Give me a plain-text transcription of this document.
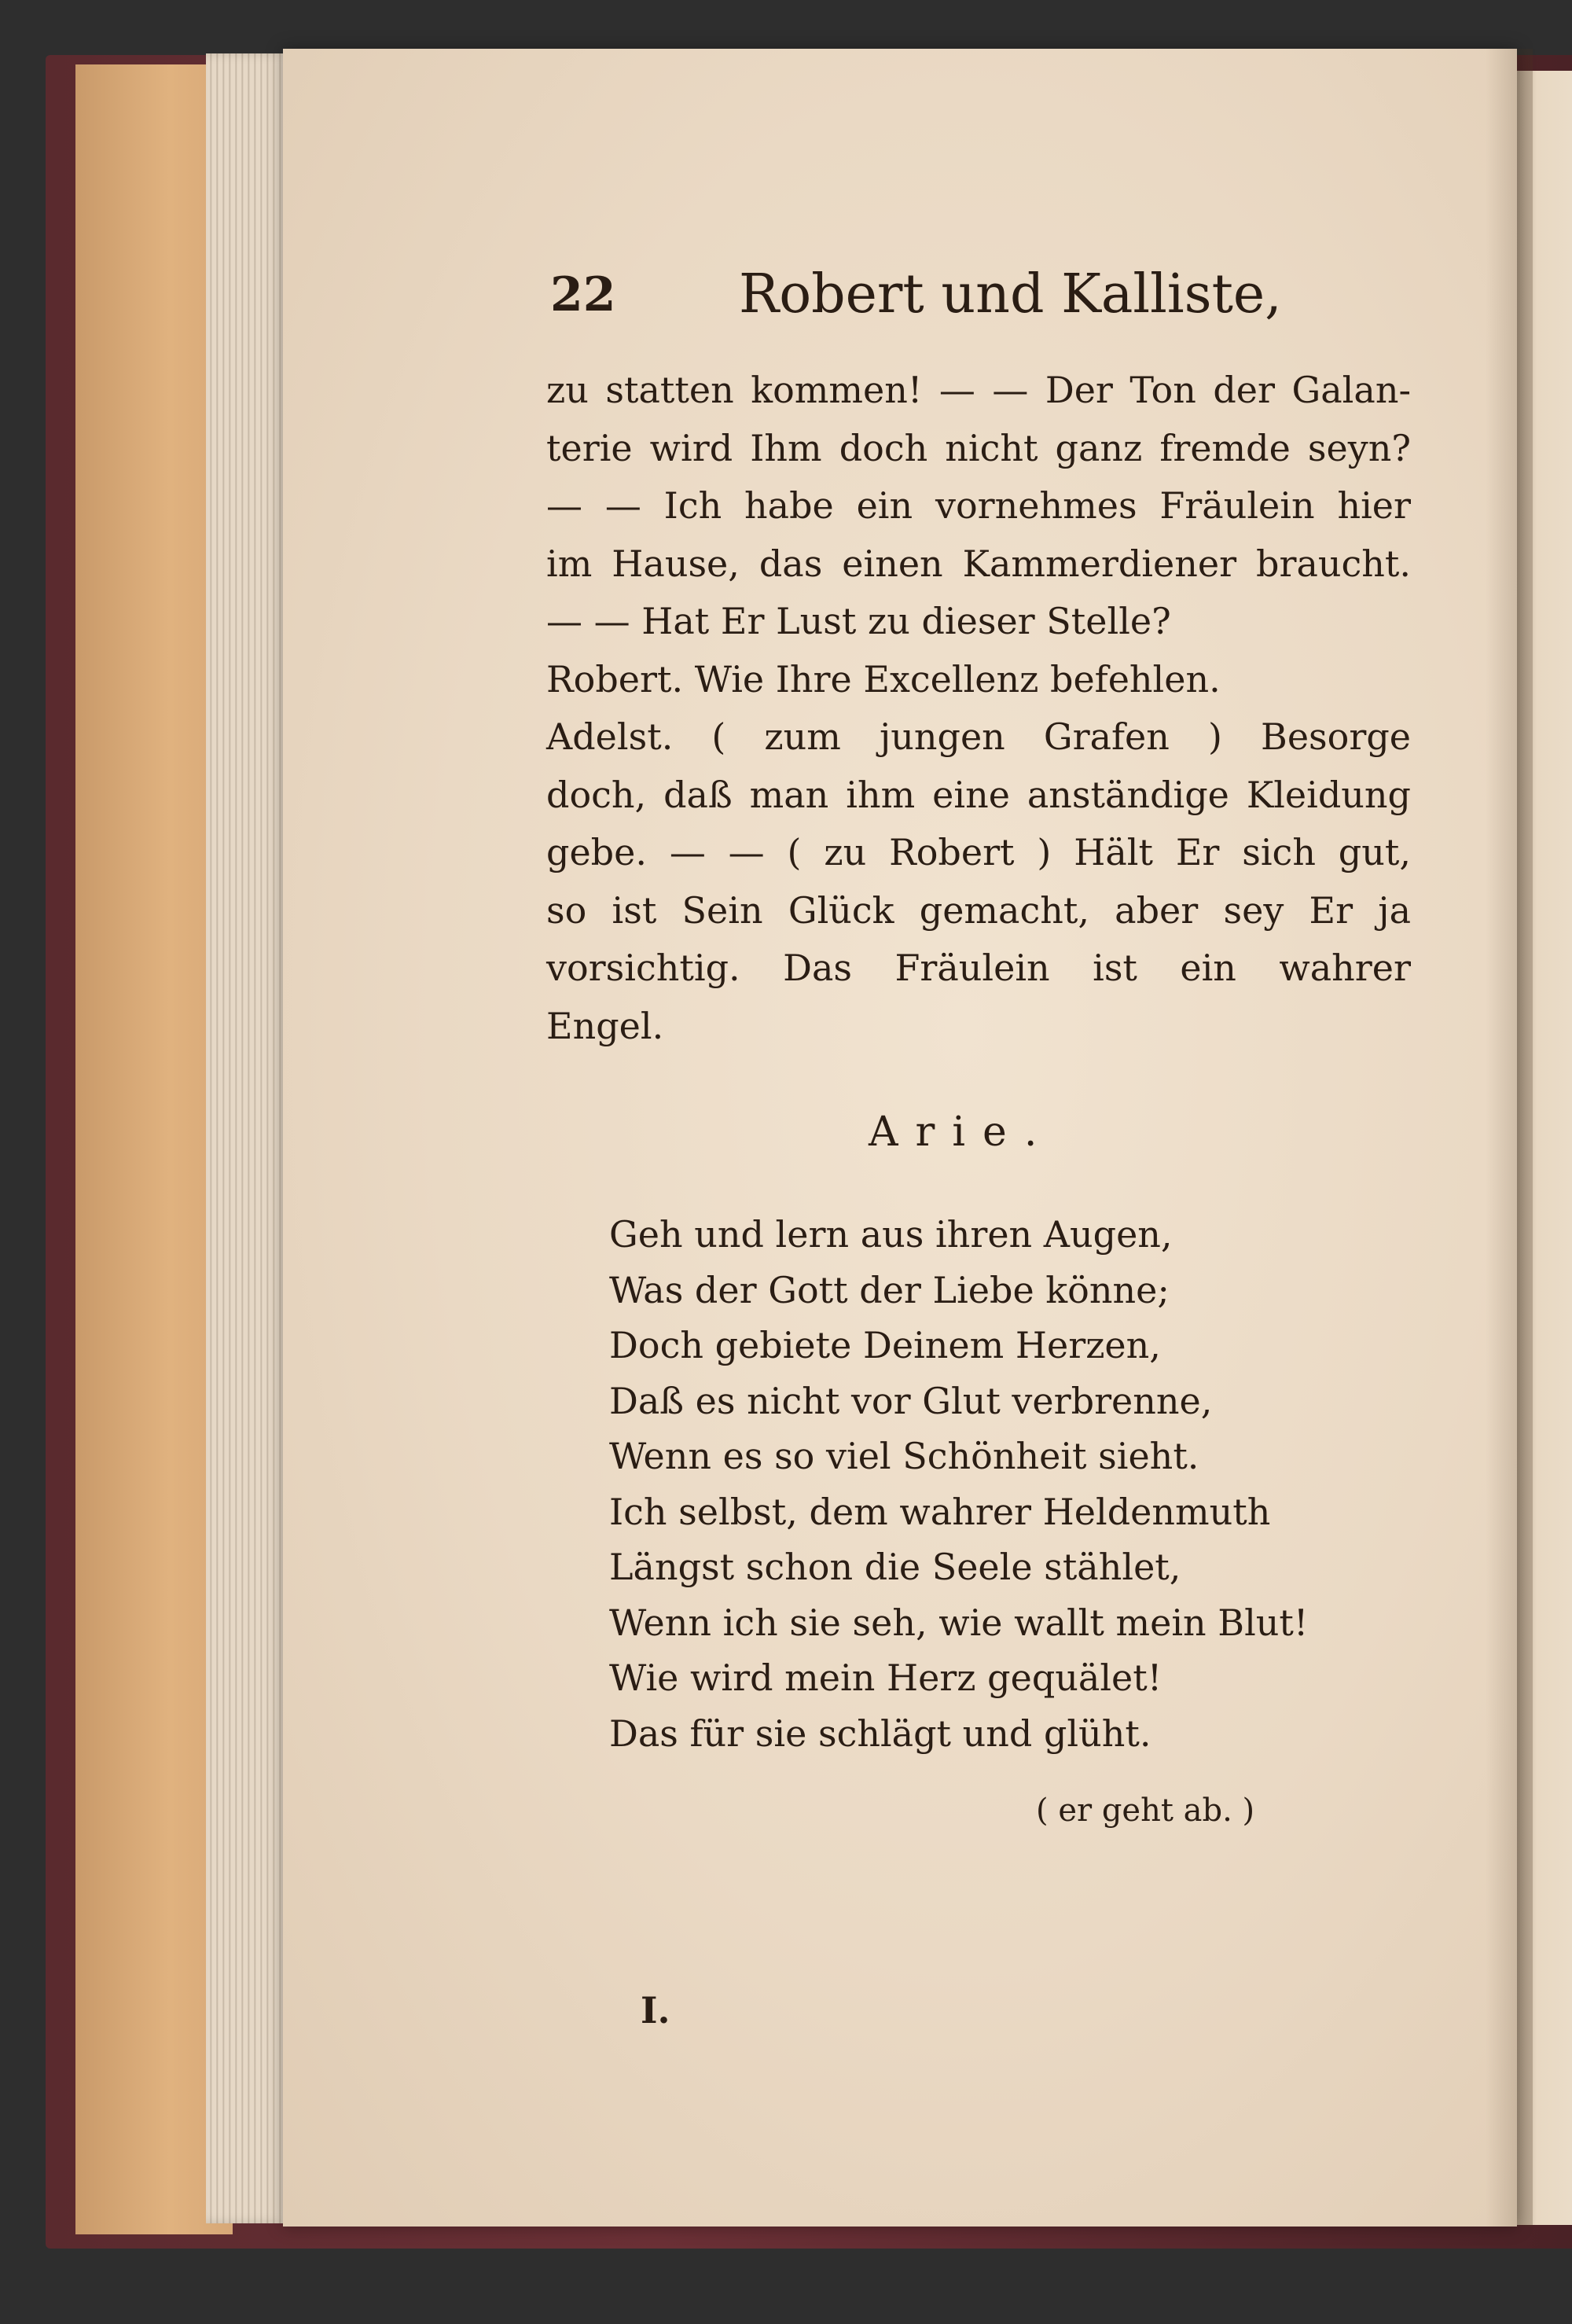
22 Robert und Kalliste,
zu statten kommen! — — Der Ton der Galan-
terie wird Ihm doch nicht ganz fremde seyn?
— — Ich habe ein vornehmes Fräulein hier
im Hause, das einen Kammerdiener braucht.
— — Hat Er Lust zu dieser Stelle?
Robert. Wie Ihre Excellenz befehlen.
Adelst. ( zum jungen Grafen ) Besorge
doch, daß man ihm eine anständige Kleidung
gebe. — — ( zu Robert ) Hält Er sich gut,
so ist Sein Glück gemacht, aber sey Er ja
vorsichtig. Das Fräulein ist ein wahrer
Engel.
Arie.
Geh und lern aus ihren Augen,
Was der Gott der Liebe könne;
Doch gebiete Deinem Herzen,
Daß es nicht vor Glut verbrenne,
Wenn es so viel Schönheit sieht.
Ich selbst, dem wahrer Heldenmuth
Längst schon die Seele stählet,
Wenn ich sie seh, wie wallt mein Blut!
Wie wird mein Herz gequälet!
Das für sie schlägt und glüht.
( er geht ab. )
I.
